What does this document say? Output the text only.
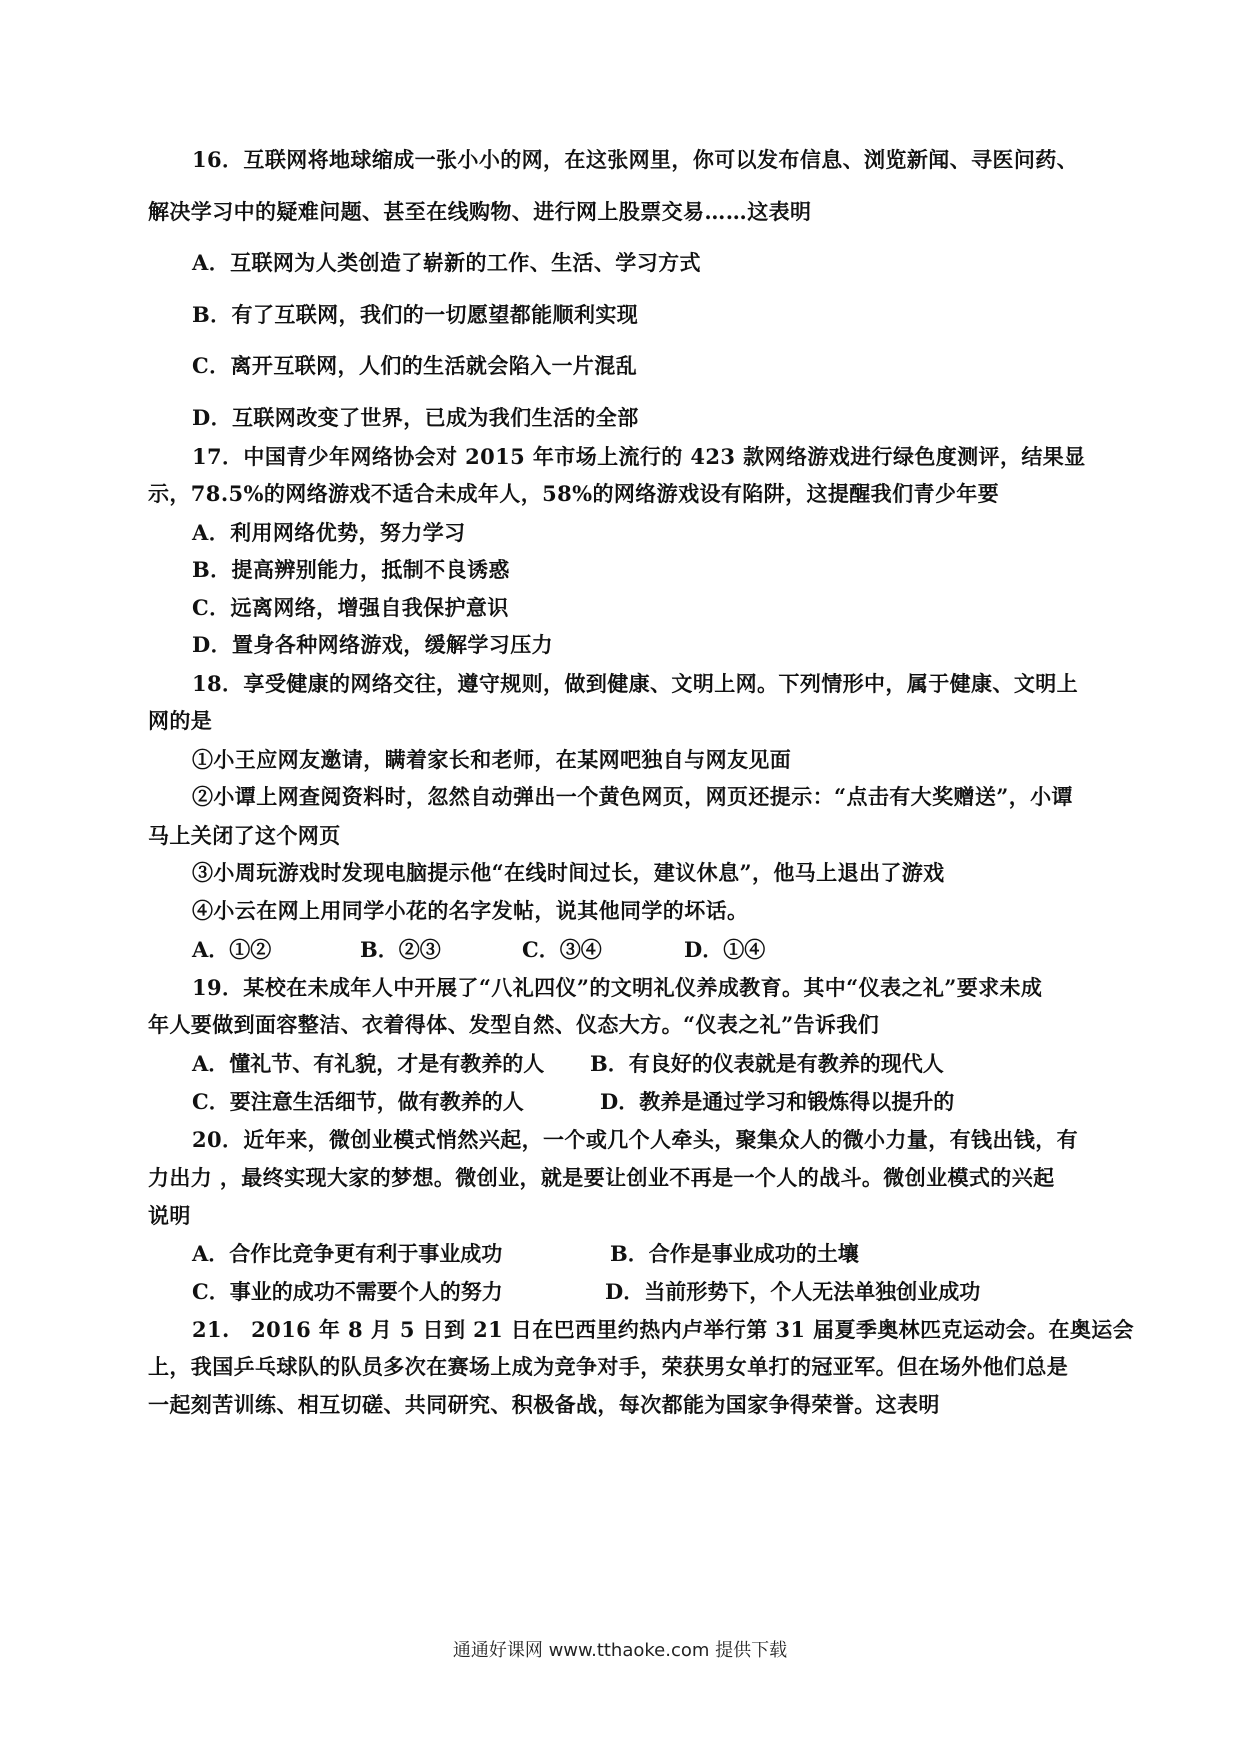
16．互联网将地球缩成一张小小的网，在这张网里，你可以发布信息、浏览新闻、寻医问药、
解决学习中的疑难问题、甚至在线购物、进行网上股票交易……这表明
A．互联网为人类创造了崭新的工作、生活、学习方式
B．有了互联网，我们的一切愿望都能顺利实现
C．离开互联网，人们的生活就会陷入一片混乱
D．互联网改变了世界，已成为我们生活的全部
17．中国青少年网络协会对 2015 年市场上流行的 423 款网络游戏进行绿色度测评，结果显
示，78.5%的网络游戏不适合未成年人，58%的网络游戏设有陷阱，这提醒我们青少年要
A．利用网络优势，努力学习
B．提高辨别能力，抵制不良诱惑
C．远离网络，增强自我保护意识
D．置身各种网络游戏，缓解学习压力
18．享受健康的网络交往，遵守规则，做到健康、文明上网。下列情形中，属于健康、文明上
网的是
①小王应网友邀请，瞒着家长和老师，在某网吧独自与网友见面
②小谭上网查阅资料时，忽然自动弹出一个黄色网页，网页还提示：“点击有大奖赠送”，小谭
马上关闭了这个网页
③小周玩游戏时发现电脑提示他“在线时间过长，建议休息”，他马上退出了游戏
④小云在网上用同学小花的名字发帖，说其他同学的坏话。
A．①②	B．②③	C．③④	D．①④
19．某校在未成年人中开展了“八礼四仪”的文明礼仪养成教育。其中“仪表之礼”要求未成
年人要做到面容整洁、衣着得体、发型自然、仪态大方。“仪表之礼”告诉我们
A．懂礼节、有礼貌，才是有教养的人 B．有良好的仪表就是有教养的现代人
C．要注意生活细节，做有教养的人	D．教养是通过学习和锻炼得以提升的
20．近年来，微创业模式悄然兴起，一个或几个人牵头，聚集众人的微小力量，有钱出钱，有
力出力 ，最终实现大家的梦想。微创业，就是要让创业不再是一个人的战斗。微创业模式的兴起
说明
A．合作比竞争更有利于事业成功	B．合作是事业成功的土壤
C．事业的成功不需要个人的努力	D．当前形势下，个人无法单独创业成功
21.　2016 年 8 月 5 日到 21 日在巴西里约热内卢举行第 31 届夏季奥林匹克运动会。在奥运会
上，我国乒乓球队的队员多次在赛场上成为竞争对手，荣获男女单打的冠亚军。但在场外他们总是
一起刻苦训练、相互切磋、共同研究、积极备战，每次都能为国家争得荣誉。这表明
通通好课网 www.tthaoke.com 提供下载
